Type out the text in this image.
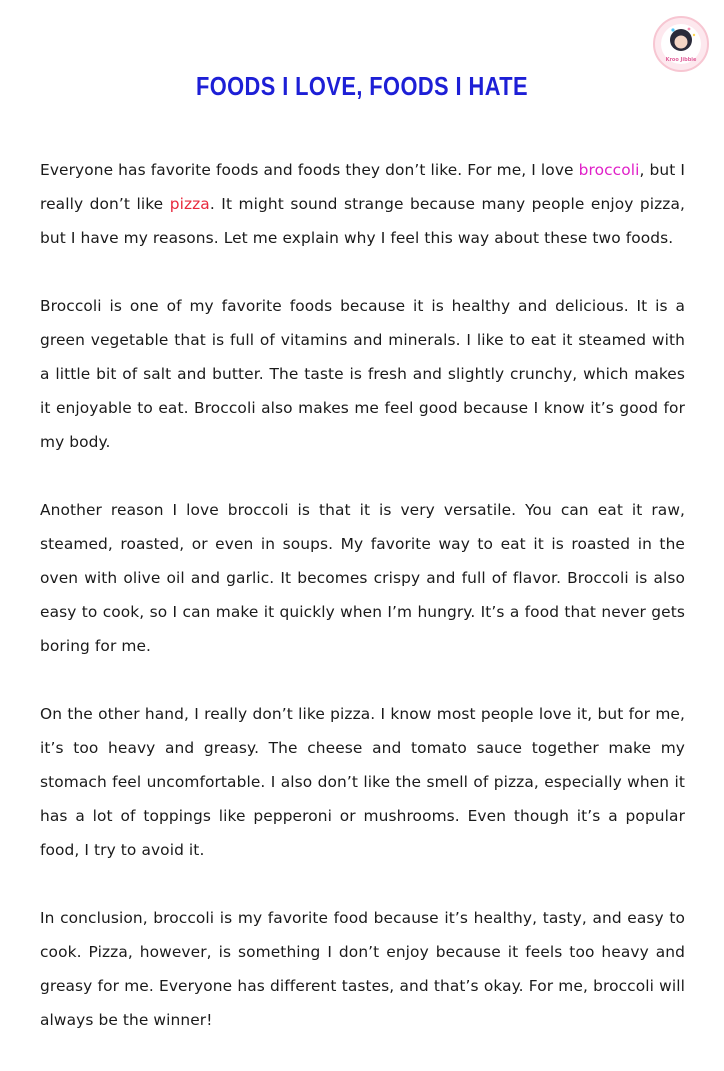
Kroo Jibbie
FOODS I LOVE, FOODS I HATE

Everyone has favorite foods and foods they don’t like. For me, I love broccoli, but I really don’t like pizza. It might sound strange because many people enjoy pizza, but I have my reasons. Let me explain why I feel this way about these two foods.

Broccoli is one of my favorite foods because it is healthy and delicious. It is a green vegetable that is full of vitamins and minerals. I like to eat it steamed with a little bit of salt and butter. The taste is fresh and slightly crunchy, which makes it enjoyable to eat. Broccoli also makes me feel good because I know it’s good for my body.

Another reason I love broccoli is that it is very versatile. You can eat it raw, steamed, roasted, or even in soups. My favorite way to eat it is roasted in the oven with olive oil and garlic. It becomes crispy and full of flavor. Broccoli is also easy to cook, so I can make it quickly when I’m hungry. It’s a food that never gets boring for me.

On the other hand, I really don’t like pizza. I know most people love it, but for me, it’s too heavy and greasy. The cheese and tomato sauce together make my stomach feel uncomfortable. I also don’t like the smell of pizza, especially when it has a lot of toppings like pepperoni or mushrooms. Even though it’s a popular food, I try to avoid it.

In conclusion, broccoli is my favorite food because it’s healthy, tasty, and easy to cook. Pizza, however, is something I don’t enjoy because it feels too heavy and greasy for me. Everyone has different tastes, and that’s okay. For me, broccoli will always be the winner!
